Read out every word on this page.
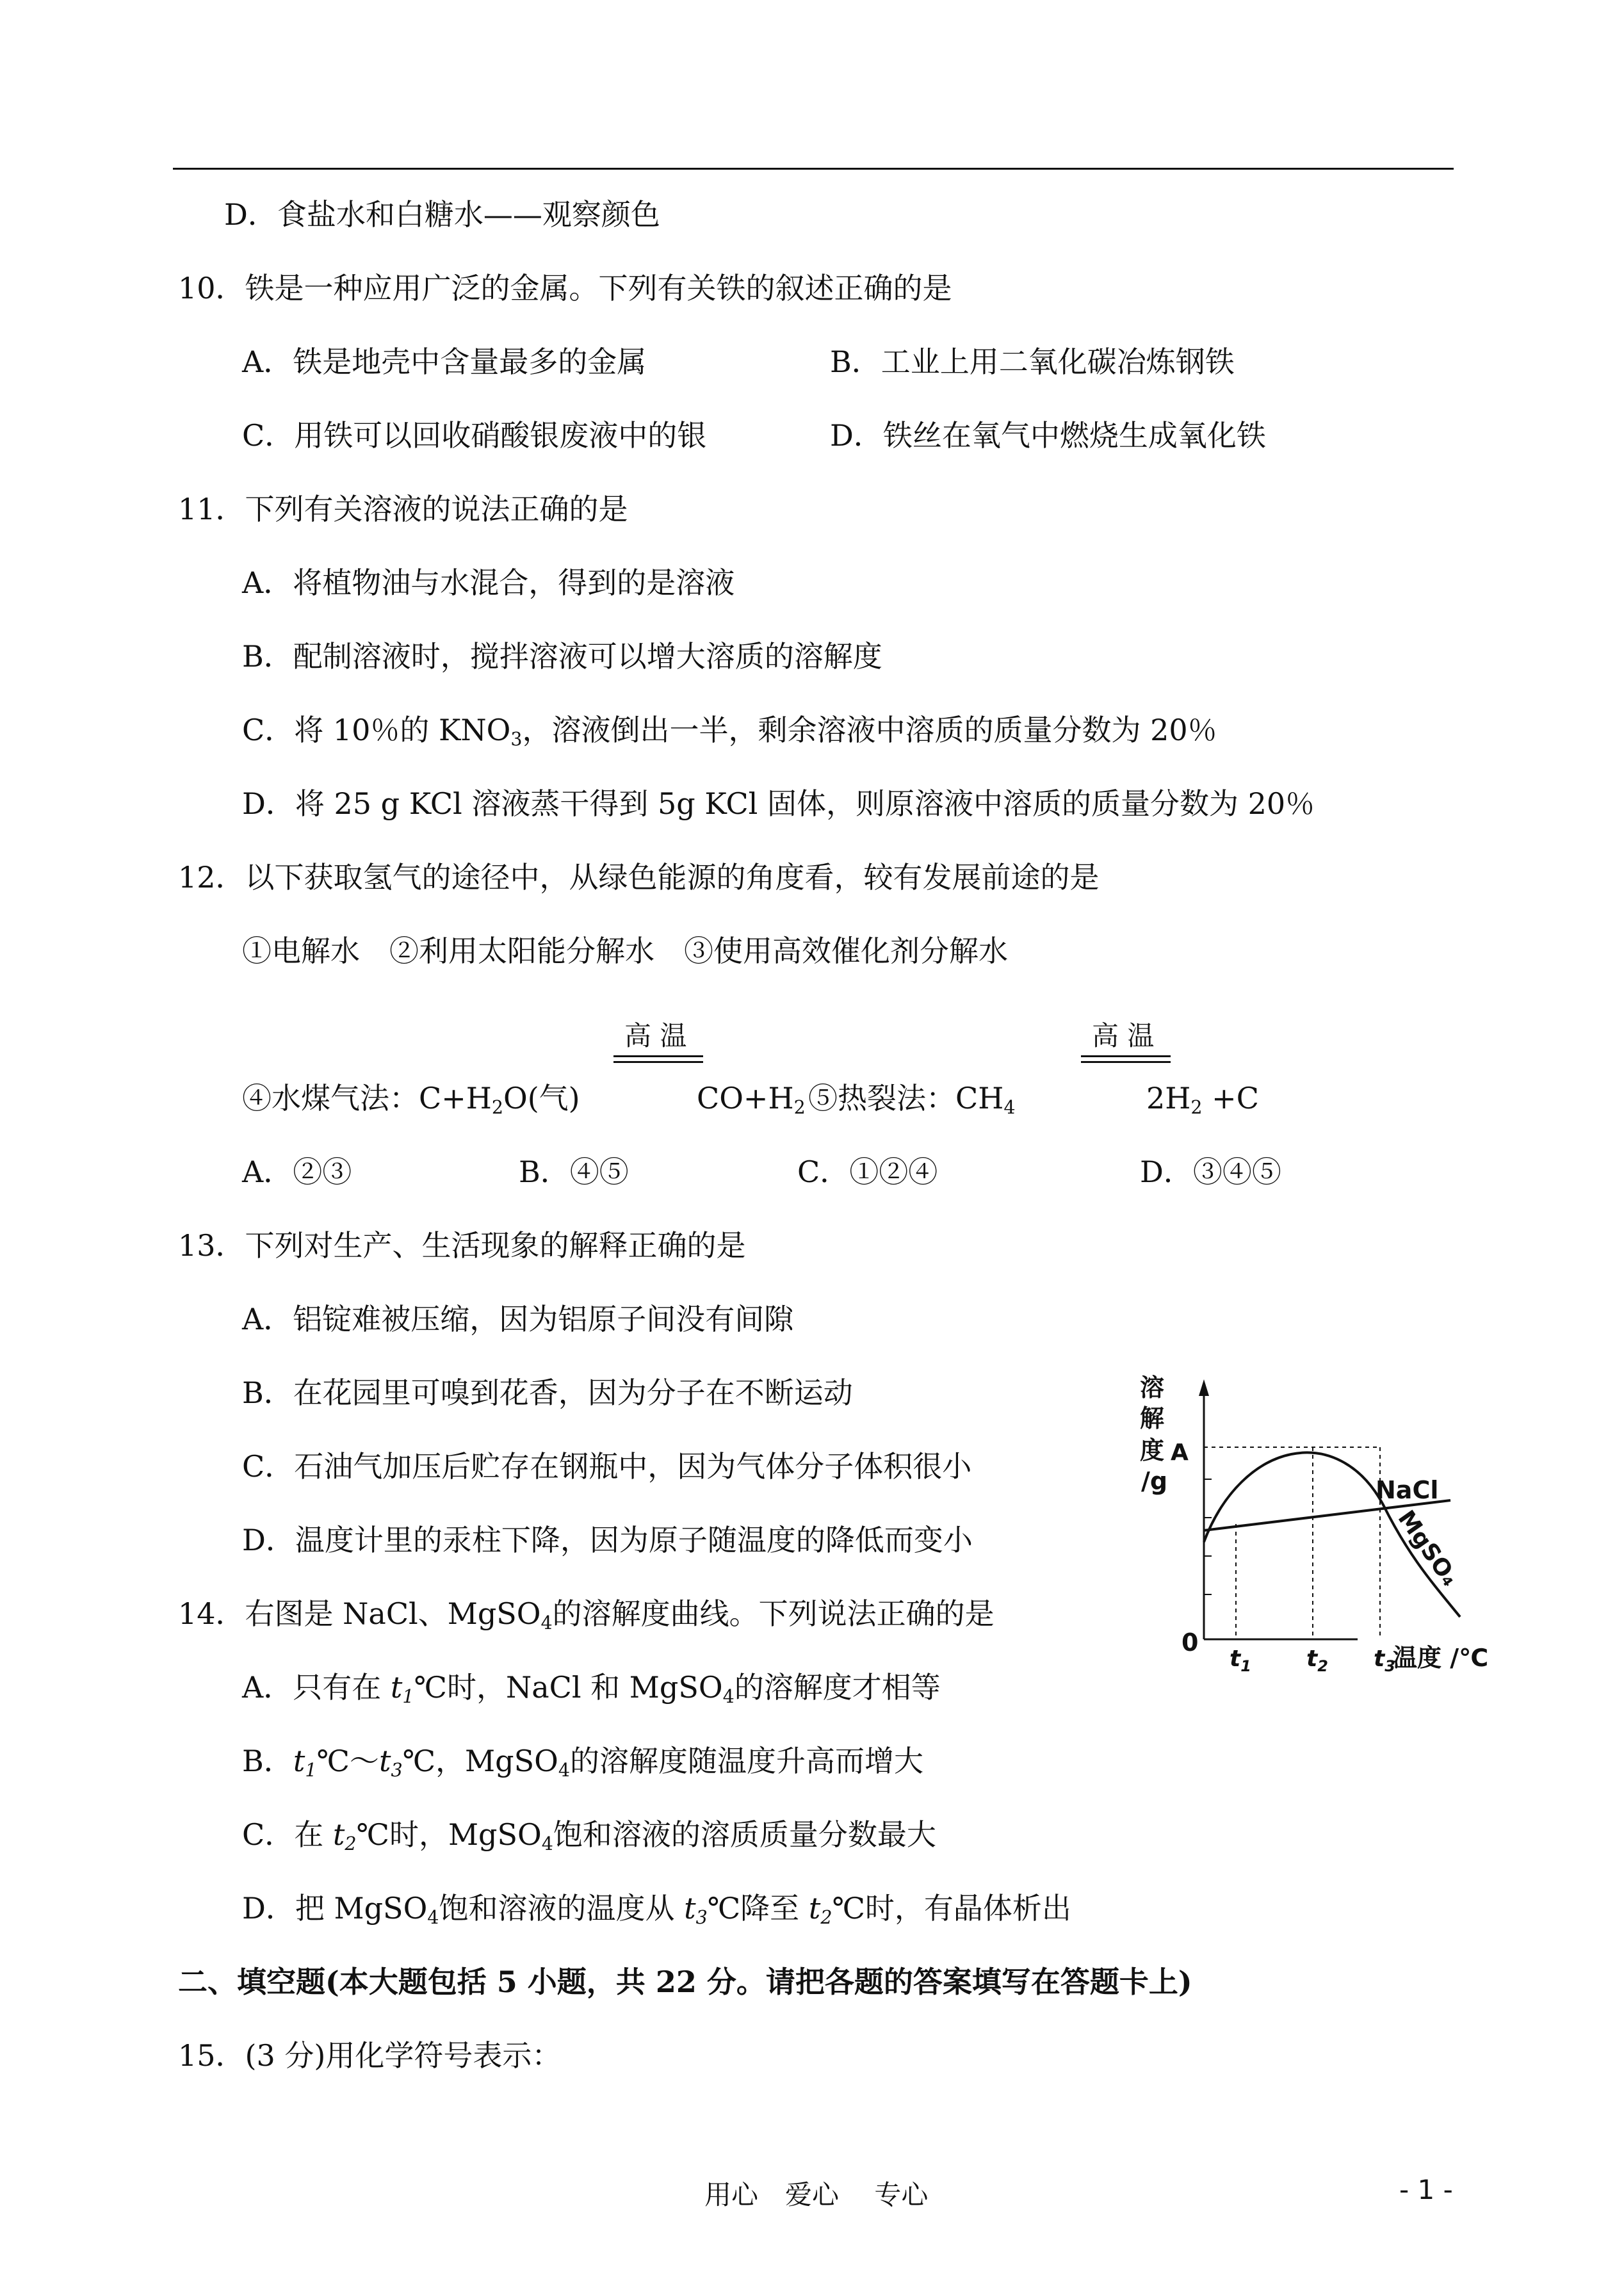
D．食盐水和白糖水——观察颜色
10．铁是一种应用广泛的金属。下列有关铁的叙述正确的是
A．铁是地壳中含量最多的金属	B．工业上用二氧化碳冶炼钢铁
C．用铁可以回收硝酸银废液中的银	D．铁丝在氧气中燃烧生成氧化铁
11．下列有关溶液的说法正确的是
A．将植物油与水混合，得到的是溶液
B．配制溶液时，搅拌溶液可以增大溶质的溶解度
C．将 10％的 $KNO_3$，溶液倒出一半，剩余溶液中溶质的质量分数为 20％
D．将 25 g KCl 溶液蒸干得到 5g KCl 固体，则原溶液中溶质的质量分数为 20％
12．以下获取氢气的途径中，从绿色能源的角度看，较有发展前途的是
①电解水　②利用太阳能分解水　③使用高效催化剂分解水
高 温	高 温
④水煤气法：$C+H_2O$(气)	$CO+H_2$ ⑤热裂法：$CH_4$	$2H_2 +C$
A．②③	B．④⑤	C．①②④	D．③④⑤
13．下列对生产、生活现象的解释正确的是
A．铝锭难被压缩，因为铝原子间没有间隙
B．在花园里可嗅到花香，因为分子在不断运动
C．石油气加压后贮存在钢瓶中，因为气体分子体积很小
D．温度计里的汞柱下降，因为原子随温度的降低而变小
14．右图是 NaCl、MgSO$_4$的溶解度曲线。下列说法正确的是
A．只有在 $t_1℃$时，NaCl 和 MgSO$_4$的溶解度才相等
B．$t_1℃\sim t_3℃$，MgSO$_4$的溶解度随温度升高而增大
C．在 $t_2℃$时，MgSO$_4$饱和溶液的溶质质量分数最大
D．把 MgSO$_4$饱和溶液的温度从 $t_3℃$降至 $t_2℃$时，有晶体析出
二、填空题(本大题包括 5 小题，共 22 分。请把各题的答案填写在答题卡上)
15．(3 分)用化学符号表示：
溶
解
度
/g
A
NaCl
MgSO₄
0
$t_1$ $t_2$ $t_3$
温度 /℃
用心　爱心　 专心	- 1 -
